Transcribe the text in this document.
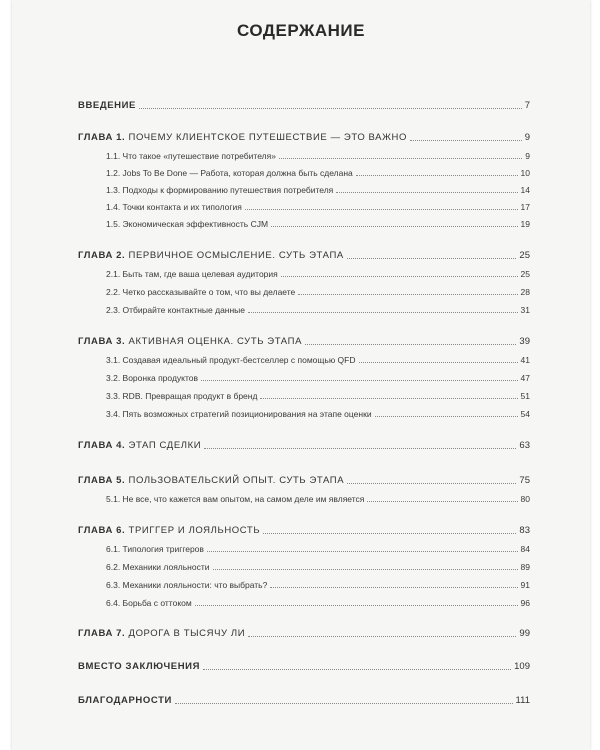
СОДЕРЖАНИЕ
ВВЕДЕНИЕ	7
ГЛАВА 1. ПОЧЕМУ КЛИЕНТСКОЕ ПУТЕШЕСТВИЕ — ЭТО ВАЖНО	9
1.1. Что такое «путешествие потребителя»	9
1.2. Jobs To Be Done — Работа, которая должна быть сделана	10
1.3. Подходы к формированию путешествия потребителя	14
1.4. Точки контакта и их типология	17
1.5. Экономическая эффективность CJM	19
ГЛАВА 2. ПЕРВИЧНОЕ ОСМЫСЛЕНИЕ. СУТЬ ЭТАПА	25
2.1. Быть там, где ваша целевая аудитория	25
2.2. Четко рассказывайте о том, что вы делаете	28
2.3. Отбирайте контактные данные	31
ГЛАВА 3. АКТИВНАЯ ОЦЕНКА. СУТЬ ЭТАПА	39
3.1. Создавая идеальный продукт-бестселлер с помощью QFD	41
3.2. Воронка продуктов	47
3.3. RDB. Превращая продукт в бренд	51
3.4. Пять возможных стратегий позиционирования на этапе оценки	54
ГЛАВА 4. ЭТАП СДЕЛКИ	63
ГЛАВА 5. ПОЛЬЗОВАТЕЛЬСКИЙ ОПЫТ. СУТЬ ЭТАПА	75
5.1. Не все, что кажется вам опытом, на самом деле им является	80
ГЛАВА 6. ТРИГГЕР И ЛОЯЛЬНОСТЬ	83
6.1. Типология триггеров	84
6.2. Механики лояльности	89
6.3. Механики лояльности: что выбрать?	91
6.4. Борьба с оттоком	96
ГЛАВА 7. ДОРОГА В ТЫСЯЧУ ЛИ	99
ВМЕСТО ЗАКЛЮЧЕНИЯ	109
БЛАГОДАРНОСТИ	111
